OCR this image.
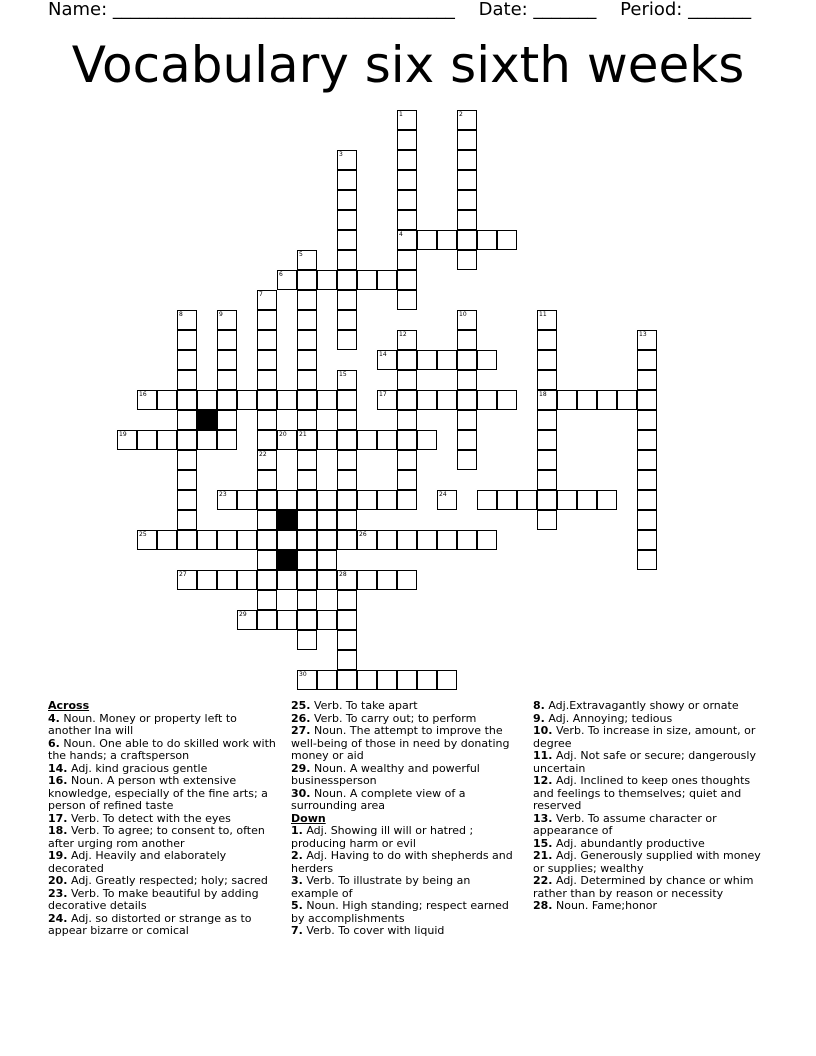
Name: ______________________________________ Date: _______ Period: _______
Vocabulary six sixth weeks
1
4
2
3
5
21
6
7
8	9	10	11
18
12	13
14
15
16	17
19	20
22
23	24
25	26
27	28
29
30

Across

4. Noun. Money or property left to another Ina will

6. Noun. One able to do skilled work with the hands; a craftsperson

14. Adj. kind gracious gentle

16. Noun. A person wth extensive knowledge, especially of the fine arts; a person of refined taste

17. Verb. To detect with the eyes

18. Verb. To agree; to consent to, often after urging rom another

19. Adj. Heavily and elaborately decorated

20. Adj. Greatly respected; holy; sacred

23. Verb. To make beautiful by adding decorative details

24. Adj. so distorted or strange as to appear bizarre or comical

25. Verb. To take apart

26. Verb. To carry out; to perform

27. Noun. The attempt to improve the well-being of those in need by donating money or aid

29. Noun. A wealthy and powerful businessperson

30. Noun. A complete view of a surrounding area

Down

1. Adj. Showing ill will or hatred ; producing harm or evil

2. Adj. Having to do with shepherds and herders

3. Verb. To illustrate by being an example of

5. Noun. High standing; respect earned by accomplishments

7. Verb. To cover with liquid

8. Adj.Extravagantly showy or ornate

9. Adj. Annoying; tedious

10. Verb. To increase in size, amount, or degree

11. Adj. Not safe or secure; dangerously uncertain

12. Adj. Inclined to keep ones thoughts and feelings to themselves; quiet and reserved

13. Verb. To assume character or appearance of

15. Adj. abundantly productive

21. Adj. Generously supplied with money or supplies; wealthy

22. Adj. Determined by chance or whim rather than by reason or necessity

28. Noun. Fame;honor
